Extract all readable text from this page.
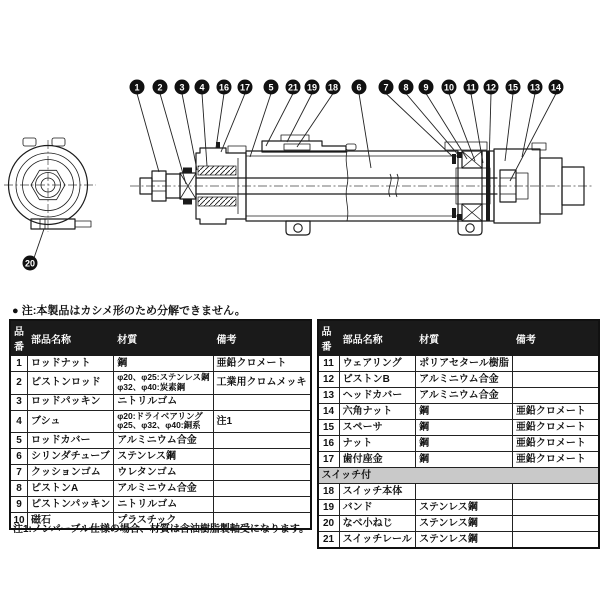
1 2 3 4 16 17 5 21 19 18 6 7 8 9 10 11 12 15 13 14
20
● 注:本製品はカシメ形のため分解できません。
品番	部品名称	材質	備考
1	ロッドナット	鋼	亜鉛クロメート
2	ピストンロッド	φ20、φ25:ステンレス鋼
φ32、φ40:炭素鋼	工業用クロムメッキ
3	ロッドパッキン	ニトリルゴム	

4	ブシュ	φ20:ドライベアリング
φ25、φ32、φ40:銅系	注1
5	ロッドカバー	アルミニウム合金	

6	シリンダチューブ	ステンレス鋼	

7	クッションゴム	ウレタンゴム	

8	ピストンA	アルミニウム合金	

9	ピストンパッキン	ニトリルゴム	

10	磁石	プラスチック	

品番	部品名称	材質	備考
11	ウェアリング	ポリアセタール樹脂	

12	ピストンB	アルミニウム合金	

13	ヘッドカバー	アルミニウム合金	

14	六角ナット	鋼	亜鉛クロメート
15	スペーサ	鋼	亜鉛クロメート
16	ナット	鋼	亜鉛クロメート
17	歯付座金	鋼	亜鉛クロメート
スイッチ付			
18	スイッチ本体	

19	バンド	ステンレス鋼	

20	なべ小ねじ	ステンレス鋼	

21	スイッチレール	ステンレス鋼	

注1:ノンパーブル仕様の場合、材質は含油樹脂製軸受になります。
